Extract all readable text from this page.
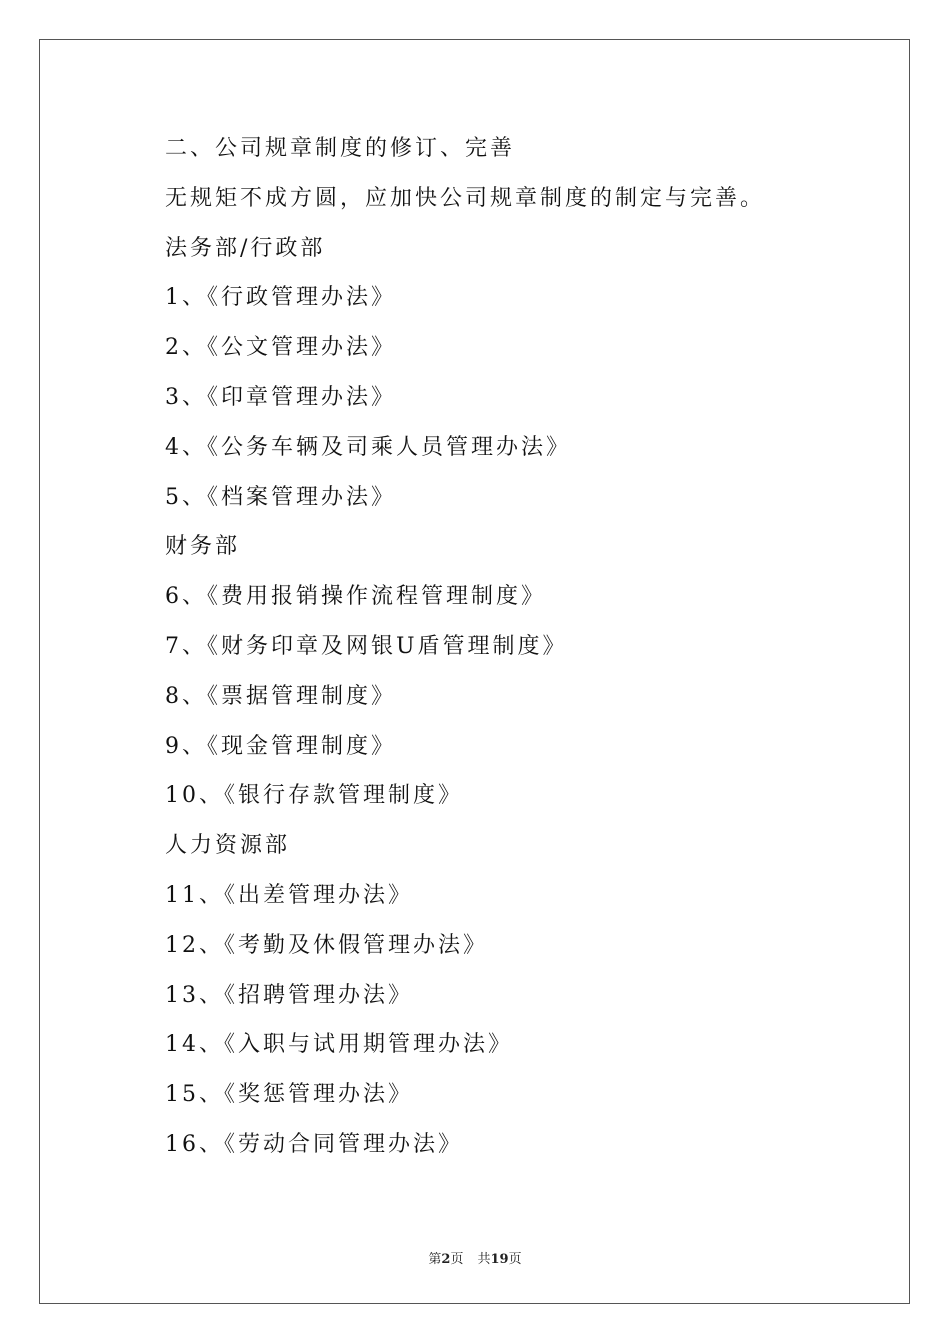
二、公司规章制度的修订、完善
无规矩不成方圆，应加快公司规章制度的制定与完善。
法务部/行政部
1、《行政管理办法》
2、《公文管理办法》
3、《印章管理办法》
4、《公务车辆及司乘人员管理办法》
5、《档案管理办法》
财务部
6、《费用报销操作流程管理制度》
7、《财务印章及网银U盾管理制度》
8、《票据管理制度》
9、《现金管理制度》
10、《银行存款管理制度》
人力资源部
11、《出差管理办法》
12、《考勤及休假管理办法》
13、《招聘管理办法》
14、《入职与试用期管理办法》
15、《奖惩管理办法》
16、《劳动合同管理办法》
第2页 共19页
